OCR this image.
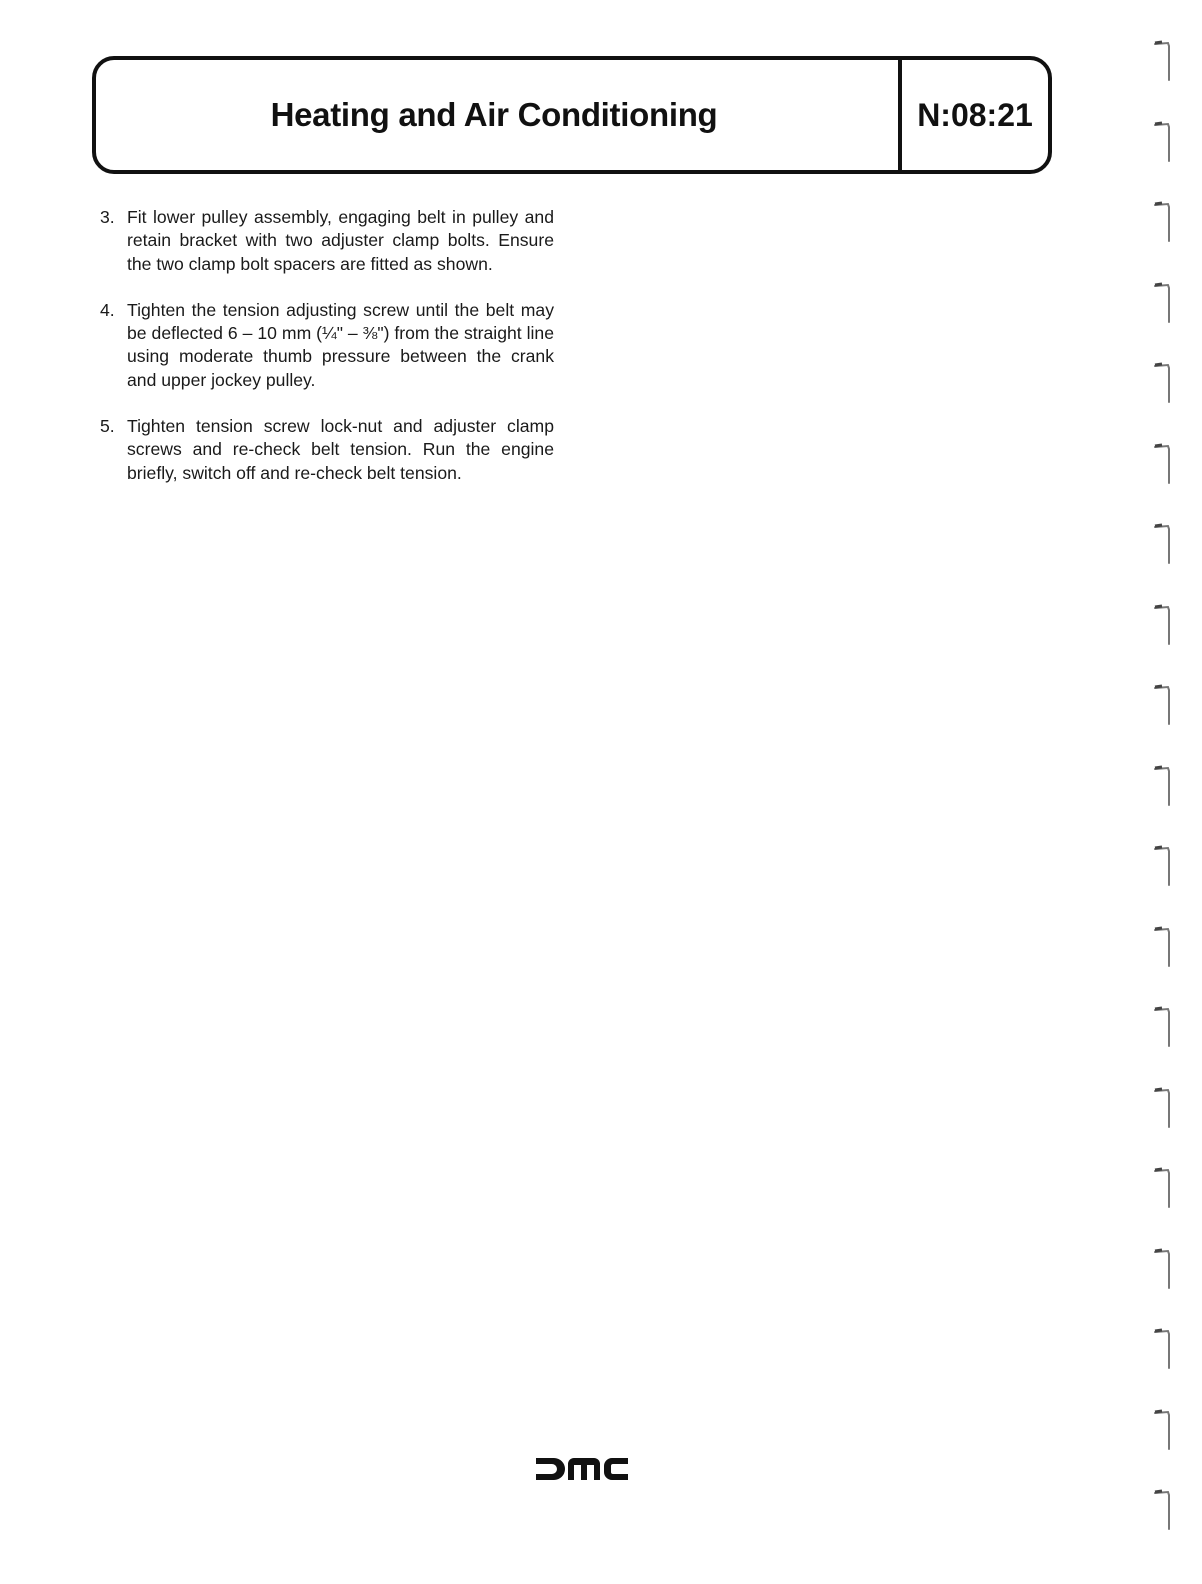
Heating and Air Conditioning	N:08:21
3. Fit lower pulley assembly, engaging belt in pulley and retain bracket with two adjuster clamp bolts. Ensure the two clamp bolt spacers are fitted as shown.
4. Tighten the tension adjusting screw until the belt may be deflected 6 – 10 mm (¼" – ⅜") from the straight line using moderate thumb pressure between the crank and upper jockey pulley.
5. Tighten tension screw lock-nut and adjuster clamp screws and re-check belt tension. Run the engine briefly, switch off and re-check belt tension.
